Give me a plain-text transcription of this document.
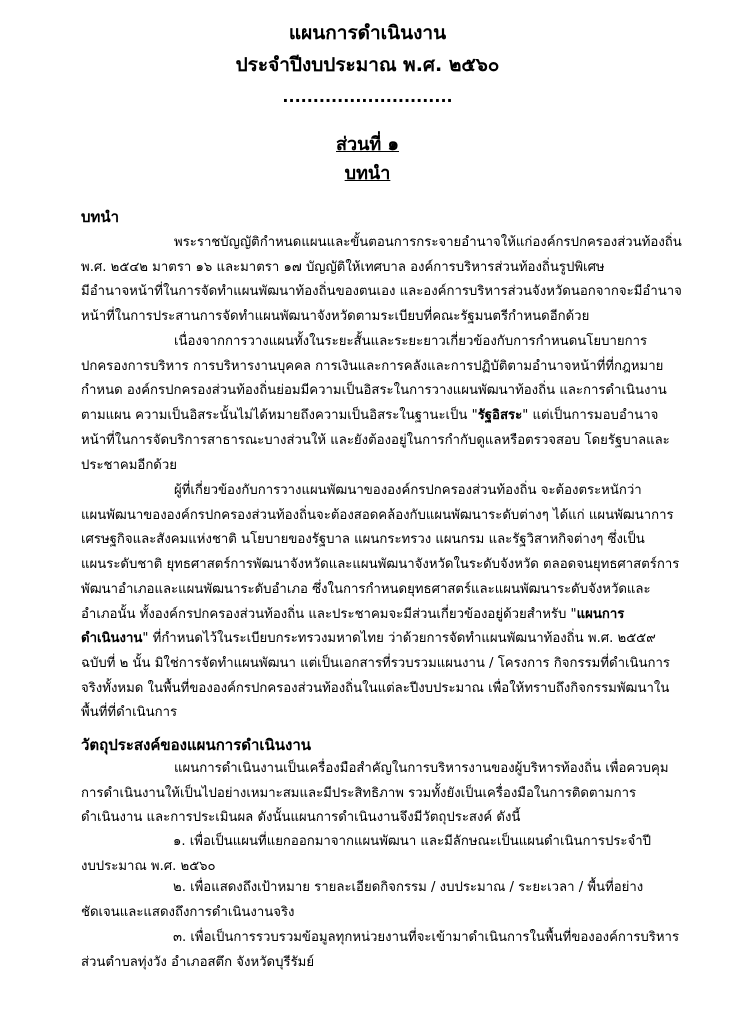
แผนการดำเนินงาน
ประจำปีงบประมาณ พ.ศ. ๒๕๖๐
............................
ส่วนที่ ๑
บทนำ
บทนำ
พระราชบัญญัติกำหนดแผนและขั้นตอนการกระจายอำนาจให้แก่องค์กรปกครองส่วนท้องถิ่น
พ.ศ. ๒๕๔๒ มาตรา ๑๖ และมาตรา ๑๗ บัญญัติให้เทศบาล องค์การบริหารส่วนท้องถิ่นรูปพิเศษ
มีอำนาจหน้าที่ในการจัดทำแผนพัฒนาท้องถิ่นของตนเอง และองค์การบริหารส่วนจังหวัดนอกจากจะมีอำนาจ
หน้าที่ในการประสานการจัดทำแผนพัฒนาจังหวัดตามระเบียบที่คณะรัฐมนตรีกำหนดอีกด้วย
เนื่องจากการวางแผนทั้งในระยะสั้นและระยะยาวเกี่ยวข้องกับการกำหนดนโยบายการ
ปกครองการบริหาร การบริหารงานบุคคล การเงินและการคลังและการปฏิบัติตามอำนาจหน้าที่ที่กฎหมาย
กำหนด องค์กรปกครองส่วนท้องถิ่นย่อมมีความเป็นอิสระในการวางแผนพัฒนาท้องถิ่น และการดำเนินงาน
ตามแผน ความเป็นอิสระนั้นไม่ได้หมายถึงความเป็นอิสระในฐานะเป็น "รัฐอิสระ" แต่เป็นการมอบอำนาจ
หน้าที่ในการจัดบริการสาธารณะบางส่วนให้ และยังต้องอยู่ในการกำกับดูแลหรือตรวจสอบ โดยรัฐบาลและ
ประชาคมอีกด้วย
ผู้ที่เกี่ยวข้องกับการวางแผนพัฒนาขององค์กรปกครองส่วนท้องถิ่น จะต้องตระหนักว่า
แผนพัฒนาขององค์กรปกครองส่วนท้องถิ่นจะต้องสอดคล้องกับแผนพัฒนาระดับต่างๆ ได้แก่ แผนพัฒนาการ
เศรษฐกิจและสังคมแห่งชาติ นโยบายของรัฐบาล แผนกระทรวง แผนกรม และรัฐวิสาหกิจต่างๆ ซึ่งเป็น
แผนระดับชาติ ยุทธศาสตร์การพัฒนาจังหวัดและแผนพัฒนาจังหวัดในระดับจังหวัด ตลอดจนยุทธศาสตร์การ
พัฒนาอำเภอและแผนพัฒนาระดับอำเภอ ซึ่งในการกำหนดยุทธศาสตร์และแผนพัฒนาระดับจังหวัดและ
อำเภอนั้น ทั้งองค์กรปกครองส่วนท้องถิ่น และประชาคมจะมีส่วนเกี่ยวข้องอยู่ด้วยสำหรับ "แผนการ
ดำเนินงาน" ที่กำหนดไว้ในระเบียบกระทรวงมหาดไทย ว่าด้วยการจัดทำแผนพัฒนาท้องถิ่น พ.ศ. ๒๕๕๙
ฉบับที่ ๒ นั้น มิใช่การจัดทำแผนพัฒนา แต่เป็นเอกสารที่รวบรวมแผนงาน / โครงการ กิจกรรมที่ดำเนินการ
จริงทั้งหมด ในพื้นที่ขององค์กรปกครองส่วนท้องถิ่นในแต่ละปีงบประมาณ เพื่อให้ทราบถึงกิจกรรมพัฒนาใน
พื้นที่ที่ดำเนินการ
วัตถุประสงค์ของแผนการดำเนินงาน
แผนการดำเนินงานเป็นเครื่องมือสำคัญในการบริหารงานของผู้บริหารท้องถิ่น เพื่อควบคุม
การดำเนินงานให้เป็นไปอย่างเหมาะสมและมีประสิทธิภาพ รวมทั้งยังเป็นเครื่องมือในการติดตามการ
ดำเนินงาน และการประเมินผล ดังนั้นแผนการดำเนินงานจึงมีวัตถุประสงค์ ดังนี้
๑. เพื่อเป็นแผนที่แยกออกมาจากแผนพัฒนา และมีลักษณะเป็นแผนดำเนินการประจำปี
งบประมาณ พ.ศ. ๒๕๖๐
๒. เพื่อแสดงถึงเป้าหมาย รายละเอียดกิจกรรม / งบประมาณ / ระยะเวลา / พื้นที่อย่าง
ชัดเจนและแสดงถึงการดำเนินงานจริง
๓. เพื่อเป็นการรวบรวมข้อมูลทุกหน่วยงานที่จะเข้ามาดำเนินการในพื้นที่ขององค์การบริหาร
ส่วนตำบลทุ่งวัง อำเภอสตึก จังหวัดบุรีรัมย์
